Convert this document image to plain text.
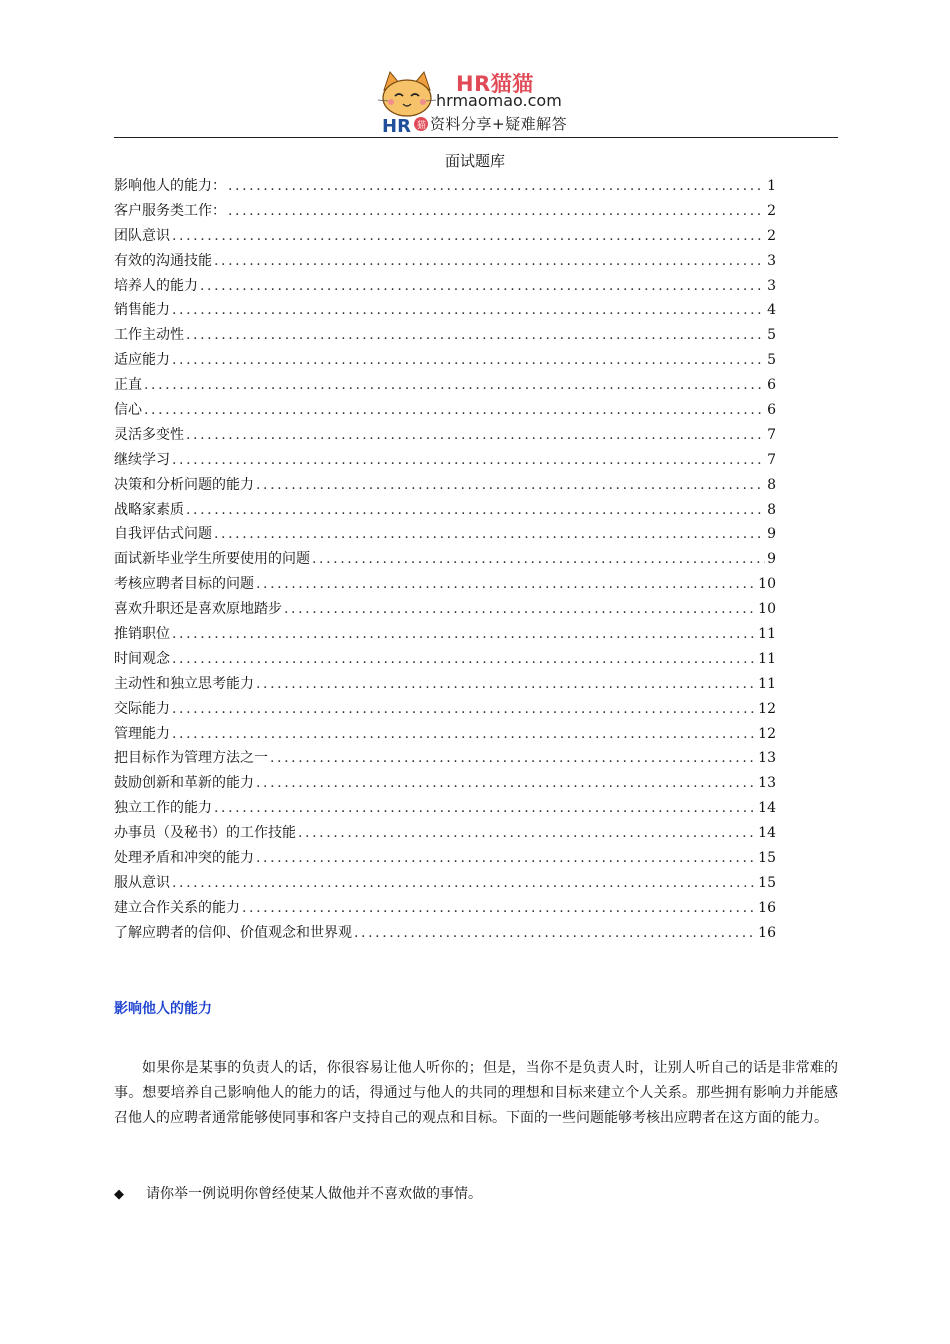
HR 猫
HR猫猫
hrmaomao.com
资料分享+疑难解答
面试题库
影响他人的能力： .....	1
客户服务类工作： .....	2
团队意识 .....	2
有效的沟通技能 .....	3
培养人的能力 .....	3
销售能力 .....	4
工作主动性 .....	5
适应能力 .....	5
正直 .....	6
信心 .....	6
灵活多变性 .....	7
继续学习 .....	7
决策和分析问题的能力 .....	8
战略家素质 .....	8
自我评估式问题 .....	9
面试新毕业学生所要使用的问题 .....	9
考核应聘者目标的问题 .....	10
喜欢升职还是喜欢原地踏步 .....	10
推销职位 .....	11
时间观念 .....	11
主动性和独立思考能力 .....	11
交际能力 .....	12
管理能力 .....	12
把目标作为管理方法之一 .....	13
鼓励创新和革新的能力 .....	13
独立工作的能力 .....	14
办事员（及秘书）的工作技能 .....	14
处理矛盾和冲突的能力 .....	15
服从意识 .....	15
建立合作关系的能力 .....	16
了解应聘者的信仰、价值观念和世界观 .....	16
影响他人的能力
如果你是某事的负责人的话，你很容易让他人听你的；但是，当你不是负责人时，让别人听自己的话是非常难的事。想要培养自己影响他人的能力的话，得通过与他人的共同的理想和目标来建立个人关系。那些拥有影响力并能感召他人的应聘者通常能够使同事和客户支持自己的观点和目标。下面的一些问题能够考核出应聘者在这方面的能力。
◆ 请你举一例说明你曾经使某人做他并不喜欢做的事情。
